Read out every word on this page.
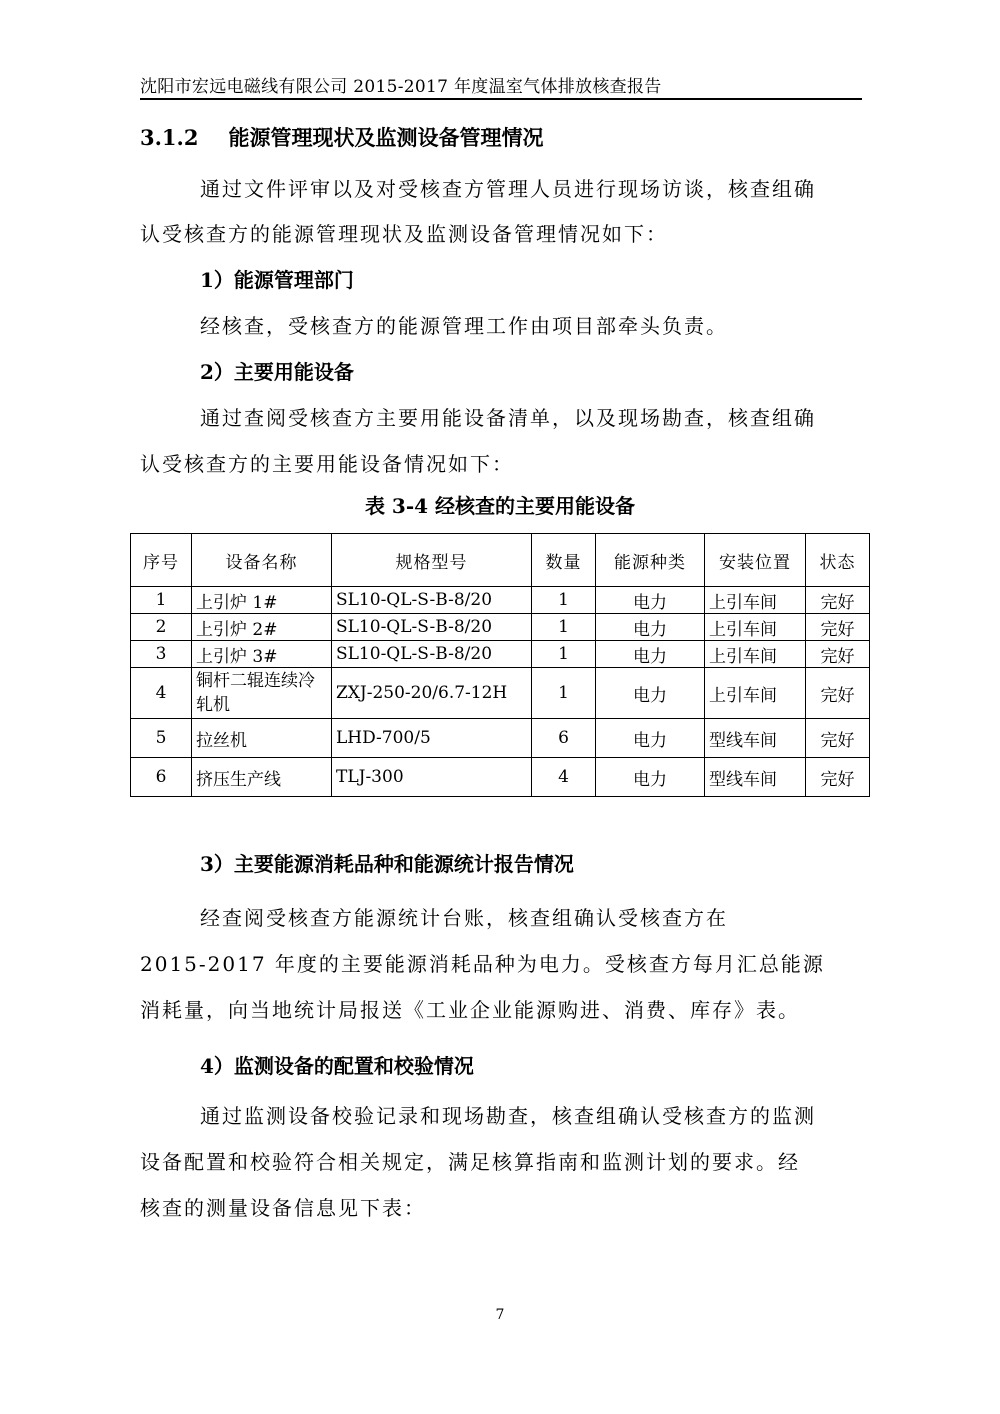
沈阳市宏远电磁线有限公司 2015-2017 年度温室气体排放核查报告
3.1.2 能源管理现状及监测设备管理情况
通过文件评审以及对受核查方管理人员进行现场访谈，核查组确
认受核查方的能源管理现状及监测设备管理情况如下：
1）能源管理部门
经核查，受核查方的能源管理工作由项目部牵头负责。
2）主要用能设备
通过查阅受核查方主要用能设备清单，以及现场勘查，核查组确
认受核查方的主要用能设备情况如下：
表 3-4 经核查的主要用能设备
序号	设备名称	规格型号	数量	能源种类	安装位置	状态
1	上引炉 1#	SL10-QL-S-B-8/20	1	电力	上引车间	完好
2	上引炉 2#	SL10-QL-S-B-8/20	1	电力	上引车间	完好
3	上引炉 3#	SL10-QL-S-B-8/20	1	电力	上引车间	完好
4	铜杆二辊连续冷轧机	ZXJ-250-20/6.7-12H	1	电力	上引车间	完好
5	拉丝机	LHD-700/5	6	电力	型线车间	完好
6	挤压生产线	TLJ-300	4	电力	型线车间	完好
3）主要能源消耗品种和能源统计报告情况
经查阅受核查方能源统计台账，核查组确认受核查方在
2015-2017 年度的主要能源消耗品种为电力。受核查方每月汇总能源
消耗量，向当地统计局报送《工业企业能源购进、消费、库存》表。
4）监测设备的配置和校验情况
通过监测设备校验记录和现场勘查，核查组确认受核查方的监测
设备配置和校验符合相关规定，满足核算指南和监测计划的要求。经
核查的测量设备信息见下表：
7
